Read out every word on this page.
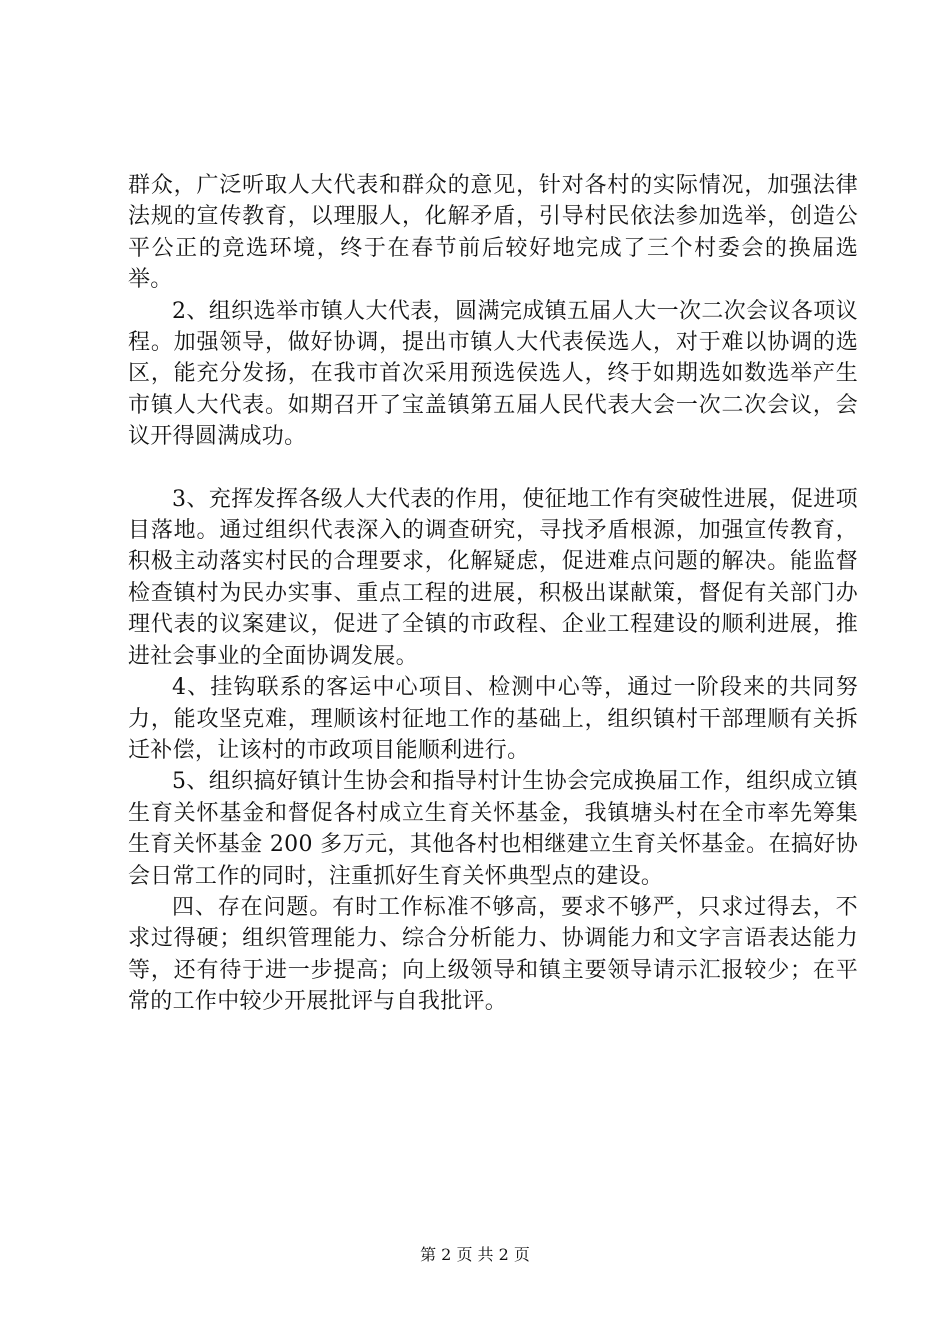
群众，广泛听取人大代表和群众的意见，针对各村的实际情况，加强法律法规的宣传教育，以理服人，化解矛盾，引导村民依法参加选举，创造公平公正的竞选环境，终于在春节前后较好地完成了三个村委会的换届选举。

2、组织选举市镇人大代表，圆满完成镇五届人大一次二次会议各项议程。加强领导，做好协调，提出市镇人大代表侯选人，对于难以协调的选区，能充分发扬，在我市首次采用预选侯选人，终于如期选如数选举产生市镇人大代表。如期召开了宝盖镇第五届人民代表大会一次二次会议，会议开得圆满成功。

3、充挥发挥各级人大代表的作用，使征地工作有突破性进展，促进项目落地。通过组织代表深入的调查研究，寻找矛盾根源，加强宣传教育，积极主动落实村民的合理要求，化解疑虑，促进难点问题的解决。能监督检查镇村为民办实事、重点工程的进展，积极出谋献策，督促有关部门办理代表的议案建议，促进了全镇的市政程、企业工程建设的顺利进展，推进社会事业的全面协调发展。

4、挂钩联系的客运中心项目、检测中心等，通过一阶段来的共同努力，能攻坚克难，理顺该村征地工作的基础上，组织镇村干部理顺有关拆迁补偿，让该村的市政项目能顺利进行。

5、组织搞好镇计生协会和指导村计生协会完成换届工作，组织成立镇生育关怀基金和督促各村成立生育关怀基金，我镇塘头村在全市率先筹集生育关怀基金 200 多万元，其他各村也相继建立生育关怀基金。在搞好协会日常工作的同时，注重抓好生育关怀典型点的建设。

四、存在问题。有时工作标准不够高，要求不够严，只求过得去，不求过得硬；组织管理能力、综合分析能力、协调能力和文字言语表达能力等，还有待于进一步提高；向上级领导和镇主要领导请示汇报较少；在平常的工作中较少开展批评与自我批评。

第 2 页 共 2 页
